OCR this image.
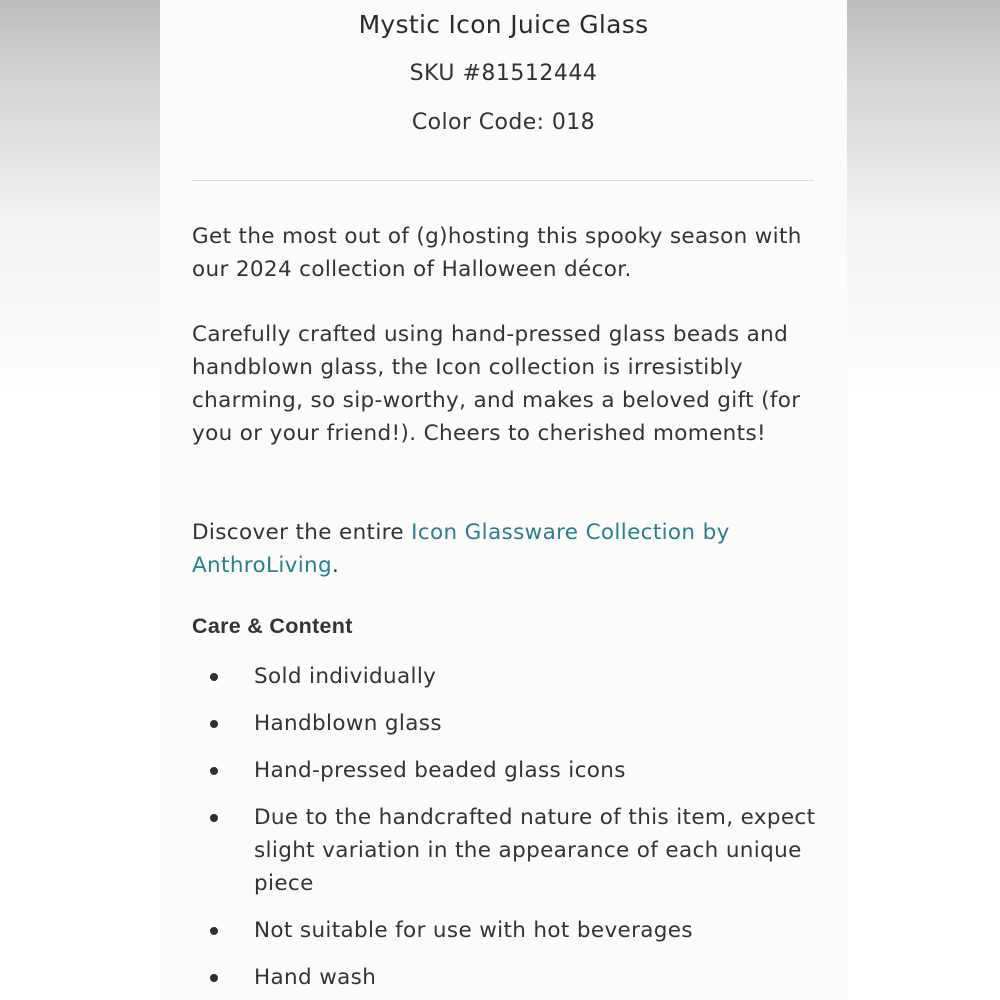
Mystic Icon Juice Glass
SKU #81512444
Color Code: 018

Get the most out of (g)hosting this spooky season with our 2024 collection of Halloween décor.

Carefully crafted using hand-pressed glass beads and handblown glass, the Icon collection is irresistibly charming, so sip-worthy, and makes a beloved gift (for you or your friend!). Cheers to cherished moments!

Discover the entire Icon Glassware Collection by AnthroLiving.

Care & Content
Sold individually
Handblown glass
Hand-pressed beaded glass icons
Due to the handcrafted nature of this item, expect slight variation in the appearance of each unique piece
Not suitable for use with hot beverages
Hand wash
